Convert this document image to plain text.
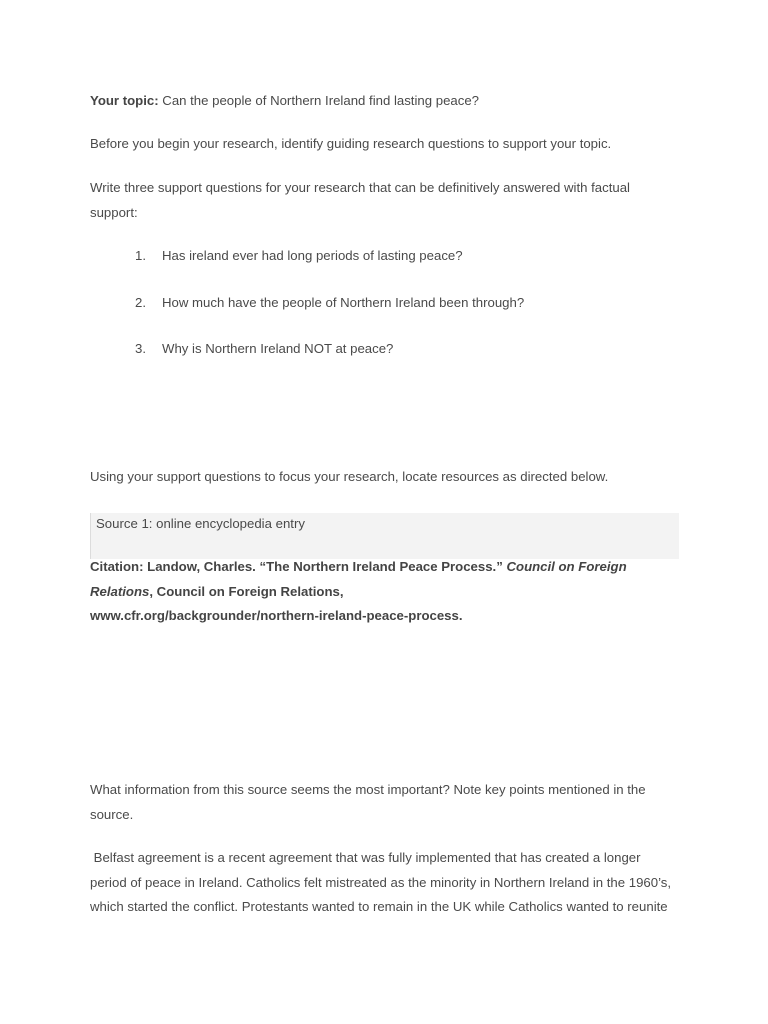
Your topic: Can the people of Northern Ireland find lasting peace?
Before you begin your research, identify guiding research questions to support your topic.
Write three support questions for your research that can be definitively answered with factual
support:
1. Has ireland ever had long periods of lasting peace?
2. How much have the people of Northern Ireland been through?
3. Why is Northern Ireland NOT at peace?
Using your support questions to focus your research, locate resources as directed below.
Source 1: online encyclopedia entry
Citation: Landow, Charles. “The Northern Ireland Peace Process.” Council on Foreign Relations, Council on Foreign Relations,
www.cfr.org/backgrounder/northern-ireland-peace-process.
What information from this source seems the most important? Note key points mentioned in the
source.
Belfast agreement is a recent agreement that was fully implemented that has created a longer
period of peace in Ireland. Catholics felt mistreated as the minority in Northern Ireland in the 1960’s,
which started the conflict. Protestants wanted to remain in the UK while Catholics wanted to reunite
